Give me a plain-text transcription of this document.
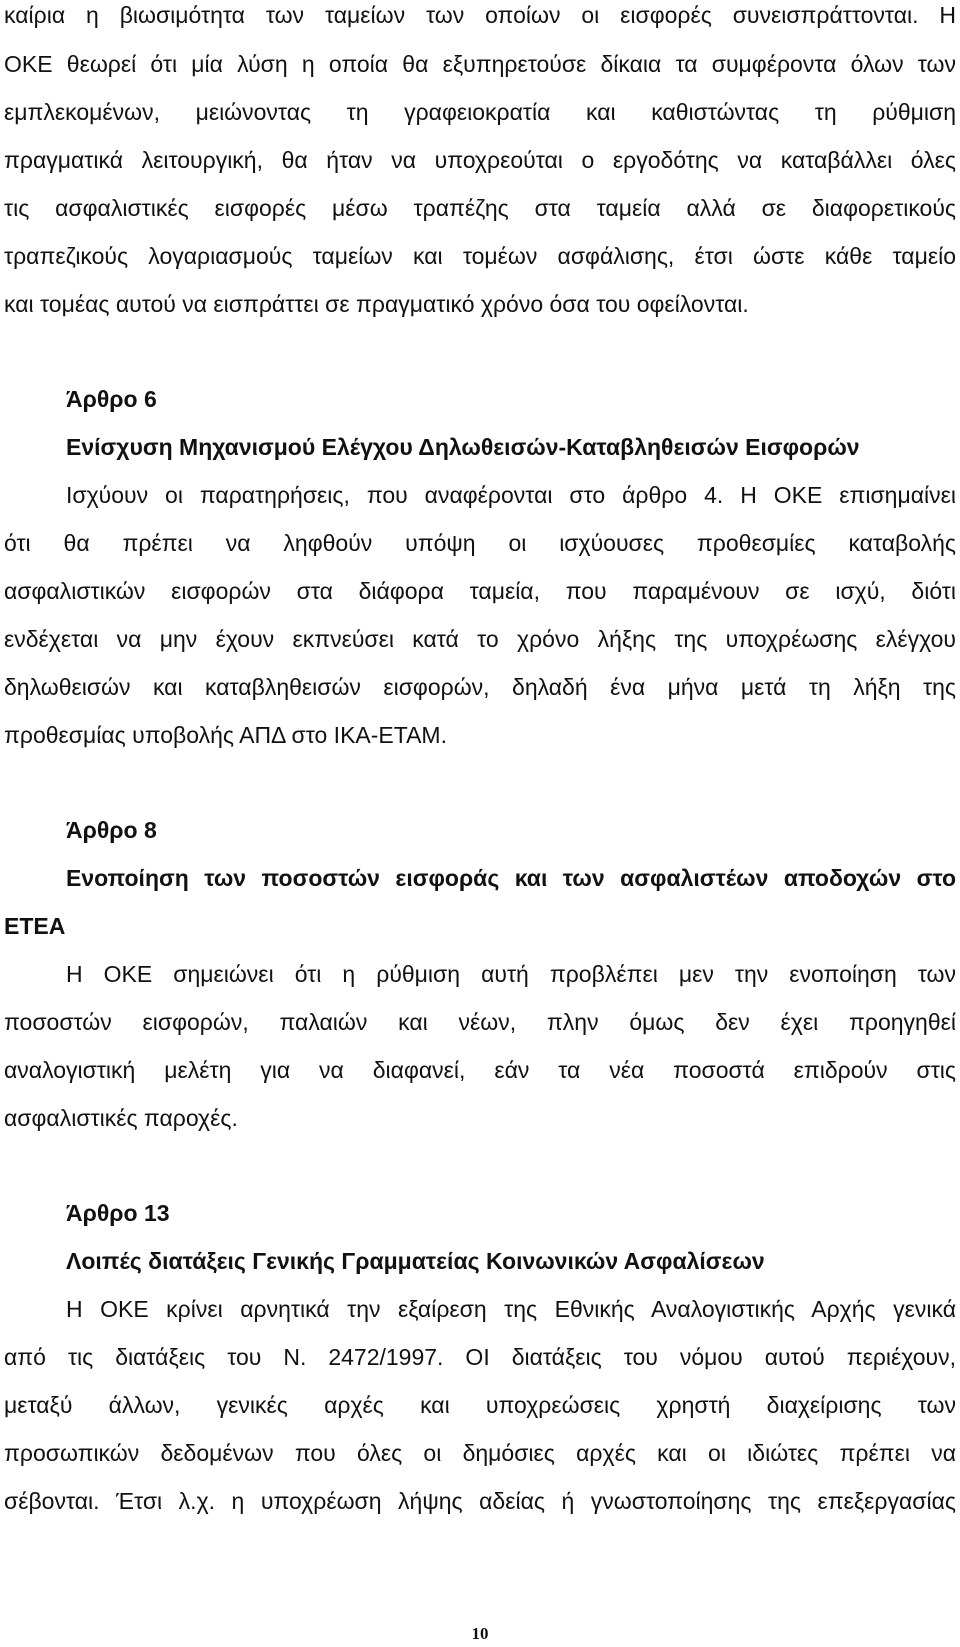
καίρια η βιωσιμότητα των ταμείων των οποίων οι εισφορές συνεισπράττονται. Η
ΟΚΕ θεωρεί ότι μία λύση η οποία θα εξυπηρετούσε δίκαια τα συμφέροντα όλων των
εμπλεκομένων, μειώνοντας τη γραφειοκρατία και καθιστώντας τη ρύθμιση
πραγματικά λειτουργική, θα ήταν να υποχρεούται ο εργοδότης να καταβάλλει όλες
τις ασφαλιστικές εισφορές μέσω τραπέζης στα ταμεία αλλά σε διαφορετικούς
τραπεζικούς λογαριασμούς ταμείων και τομέων ασφάλισης, έτσι ώστε κάθε ταμείο
και τομέας αυτού να εισπράττει σε πραγματικό χρόνο όσα του οφείλονται.
Άρθρο 6
Ενίσχυση Μηχανισμού Ελέγχου Δηλωθεισών-Καταβληθεισών Εισφορών
Ισχύουν οι παρατηρήσεις, που αναφέρονται στο άρθρο 4. Η ΟΚΕ επισημαίνει
ότι θα πρέπει να ληφθούν υπόψη οι ισχύουσες προθεσμίες καταβολής
ασφαλιστικών εισφορών στα διάφορα ταμεία, που παραμένουν σε ισχύ, διότι
ενδέχεται να μην έχουν εκπνεύσει κατά το χρόνο λήξης της υποχρέωσης ελέγχου
δηλωθεισών και καταβληθεισών εισφορών, δηλαδή ένα μήνα μετά τη λήξη της
προθεσμίας υποβολής ΑΠΔ στο ΙΚΑ-ΕΤΑΜ.
Άρθρο 8
Ενοποίηση των ποσοστών εισφοράς και των ασφαλιστέων αποδοχών στο
ΕΤΕΑ
Η ΟΚΕ σημειώνει ότι η ρύθμιση αυτή προβλέπει μεν την ενοποίηση των
ποσοστών εισφορών, παλαιών και νέων, πλην όμως δεν έχει προηγηθεί
αναλογιστική μελέτη για να διαφανεί, εάν τα νέα ποσοστά επιδρούν στις
ασφαλιστικές παροχές.
Άρθρο 13
Λοιπές διατάξεις Γενικής Γραμματείας Κοινωνικών Ασφαλίσεων
Η ΟΚΕ κρίνει αρνητικά την εξαίρεση της Εθνικής Αναλογιστικής Αρχής γενικά
από τις διατάξεις του Ν. 2472/1997. ΟΙ διατάξεις του νόμου αυτού περιέχουν,
μεταξύ άλλων, γενικές αρχές και υποχρεώσεις χρηστή διαχείρισης των
προσωπικών δεδομένων που όλες οι δημόσιες αρχές και οι ιδιώτες πρέπει να
σέβονται. Έτσι λ.χ. η υποχρέωση λήψης αδείας ή γνωστοποίησης της επεξεργασίας
10
